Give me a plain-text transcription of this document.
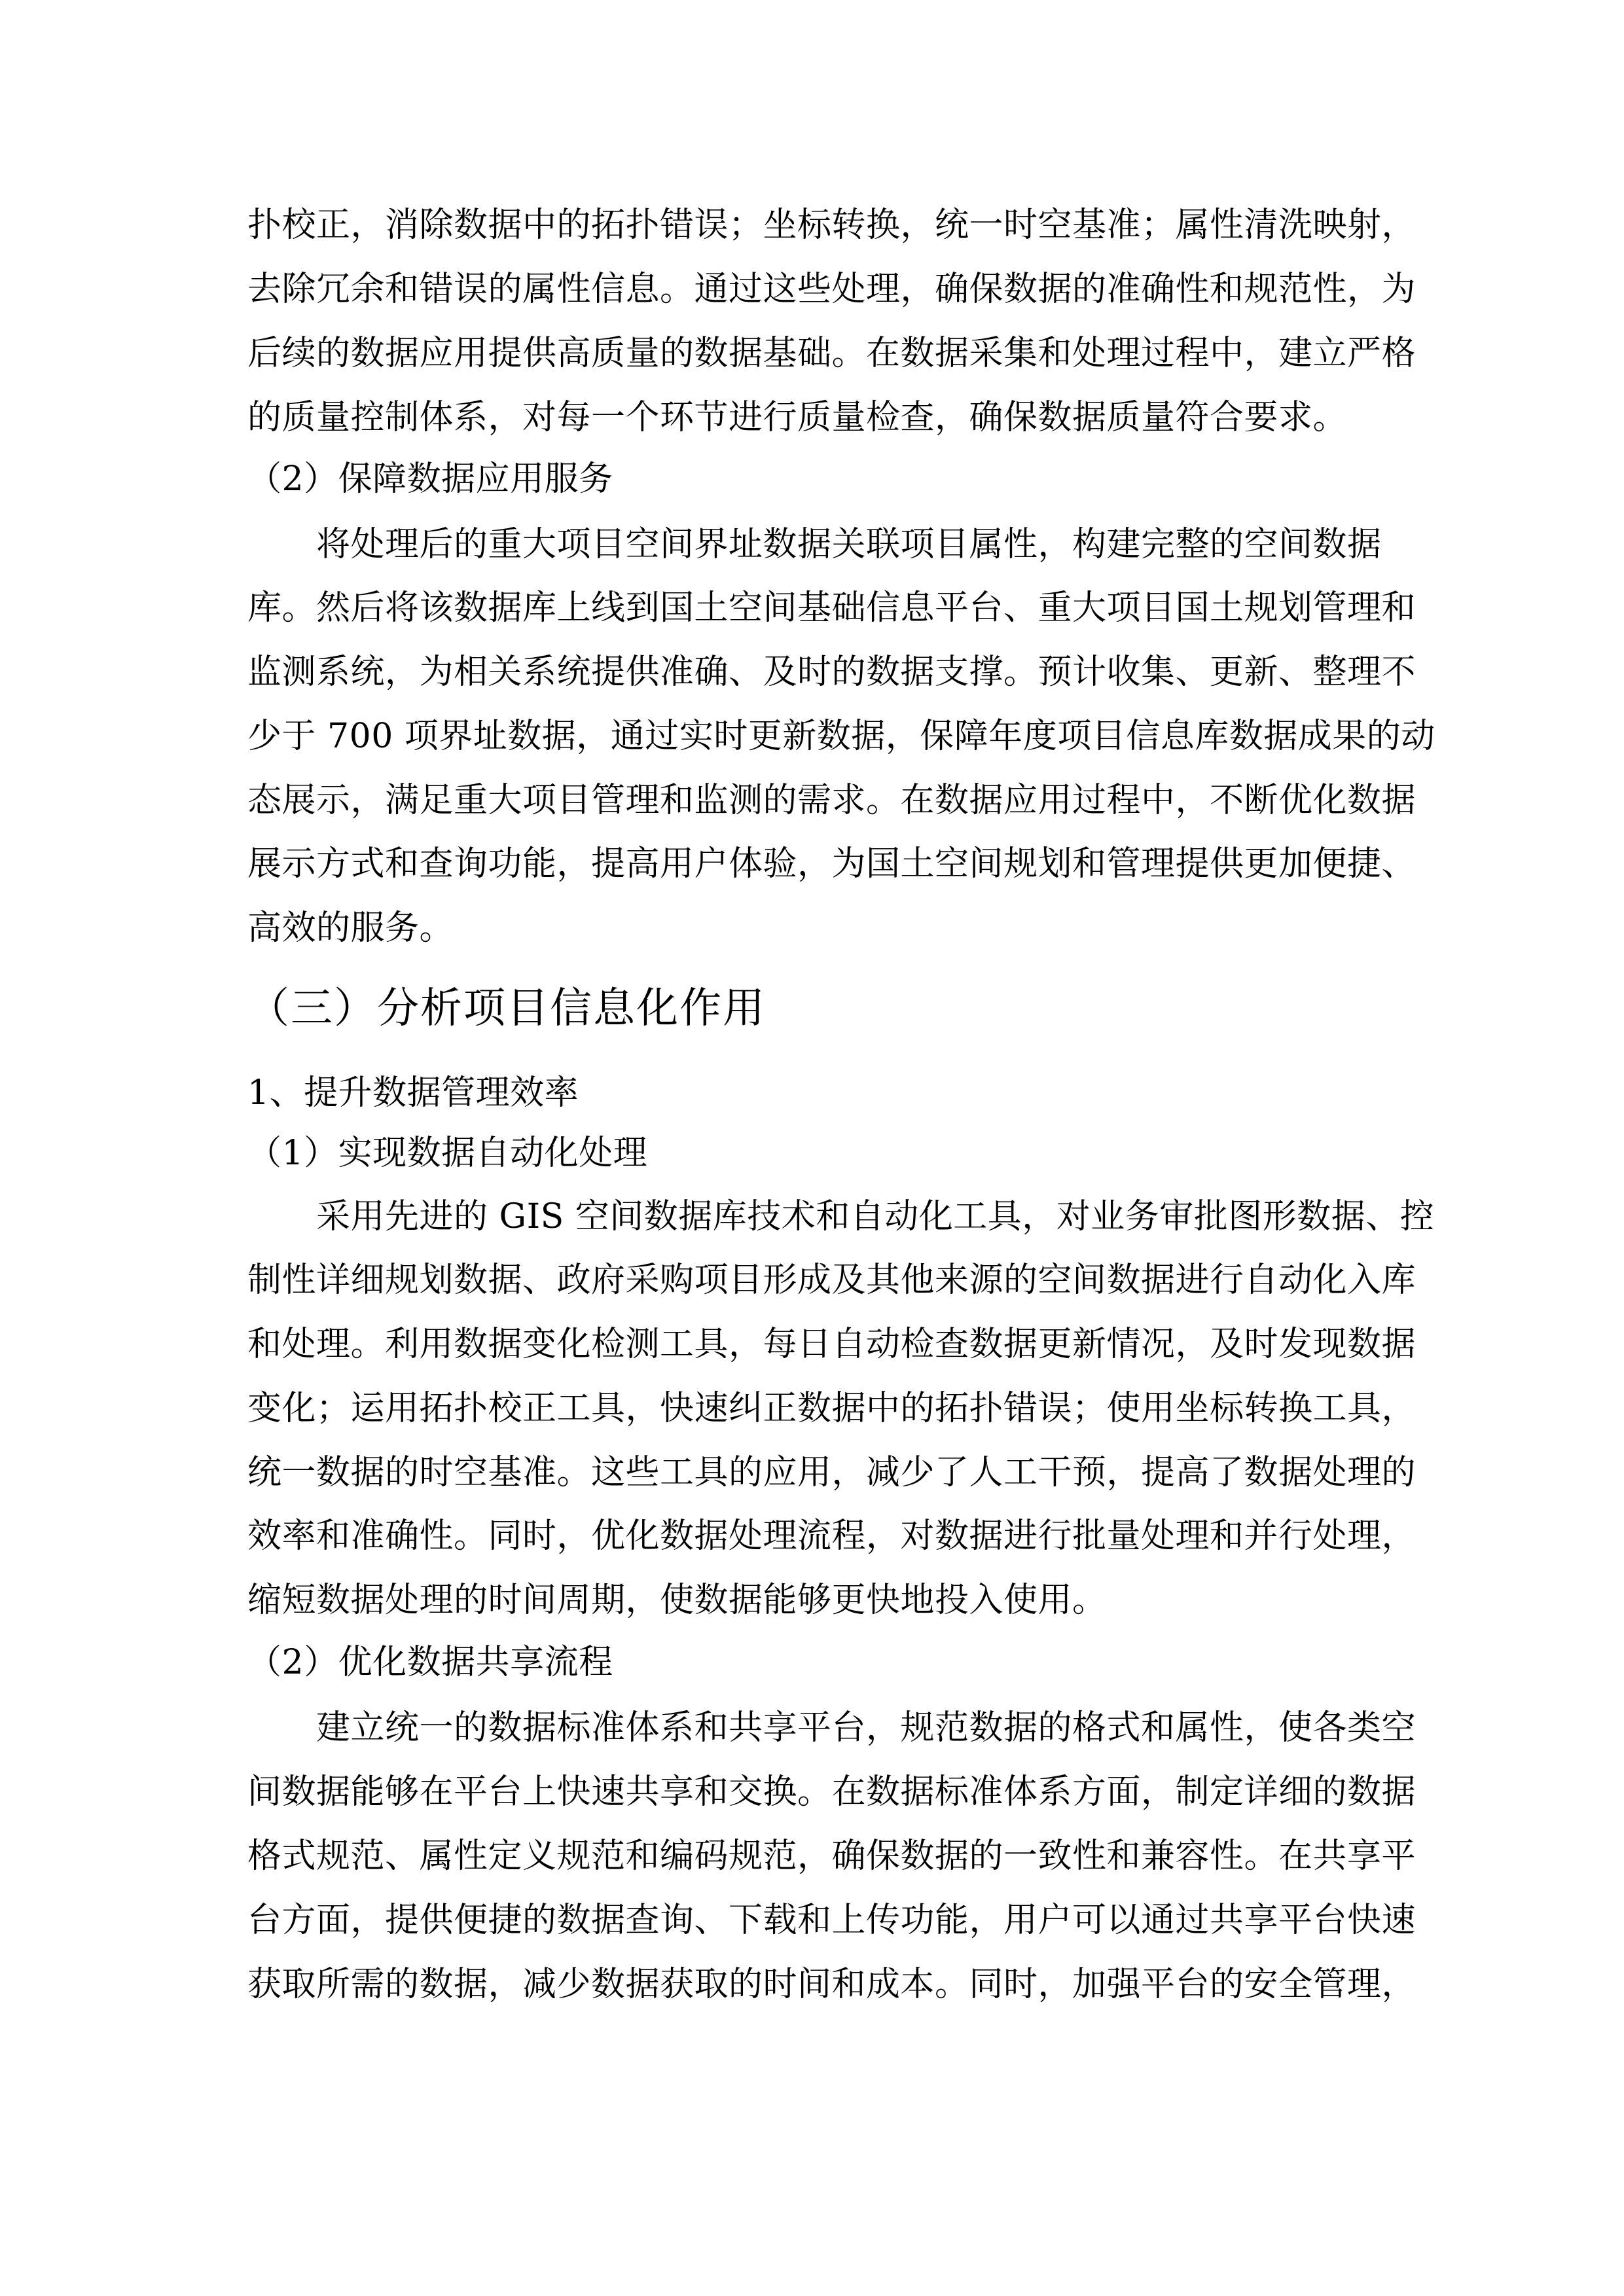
扑校正，消除数据中的拓扑错误；坐标转换，统一时空基准；属性清洗映射，
去除冗余和错误的属性信息。通过这些处理，确保数据的准确性和规范性，为
后续的数据应用提供高质量的数据基础。在数据采集和处理过程中，建立严格
的质量控制体系，对每一个环节进行质量检查，确保数据质量符合要求。
（2）保障数据应用服务
　　将处理后的重大项目空间界址数据关联项目属性，构建完整的空间数据
库。然后将该数据库上线到国土空间基础信息平台、重大项目国土规划管理和
监测系统，为相关系统提供准确、及时的数据支撑。预计收集、更新、整理不
少于 700 项界址数据，通过实时更新数据，保障年度项目信息库数据成果的动
态展示，满足重大项目管理和监测的需求。在数据应用过程中，不断优化数据
展示方式和查询功能，提高用户体验，为国土空间规划和管理提供更加便捷、
高效的服务。
（三）分析项目信息化作用
1、提升数据管理效率
（1）实现数据自动化处理
　　采用先进的 GIS 空间数据库技术和自动化工具，对业务审批图形数据、控
制性详细规划数据、政府采购项目形成及其他来源的空间数据进行自动化入库
和处理。利用数据变化检测工具，每日自动检查数据更新情况，及时发现数据
变化；运用拓扑校正工具，快速纠正数据中的拓扑错误；使用坐标转换工具，
统一数据的时空基准。这些工具的应用，减少了人工干预，提高了数据处理的
效率和准确性。同时，优化数据处理流程，对数据进行批量处理和并行处理，
缩短数据处理的时间周期，使数据能够更快地投入使用。
（2）优化数据共享流程
　　建立统一的数据标准体系和共享平台，规范数据的格式和属性，使各类空
间数据能够在平台上快速共享和交换。在数据标准体系方面，制定详细的数据
格式规范、属性定义规范和编码规范，确保数据的一致性和兼容性。在共享平
台方面，提供便捷的数据查询、下载和上传功能，用户可以通过共享平台快速
获取所需的数据，减少数据获取的时间和成本。同时，加强平台的安全管理，
